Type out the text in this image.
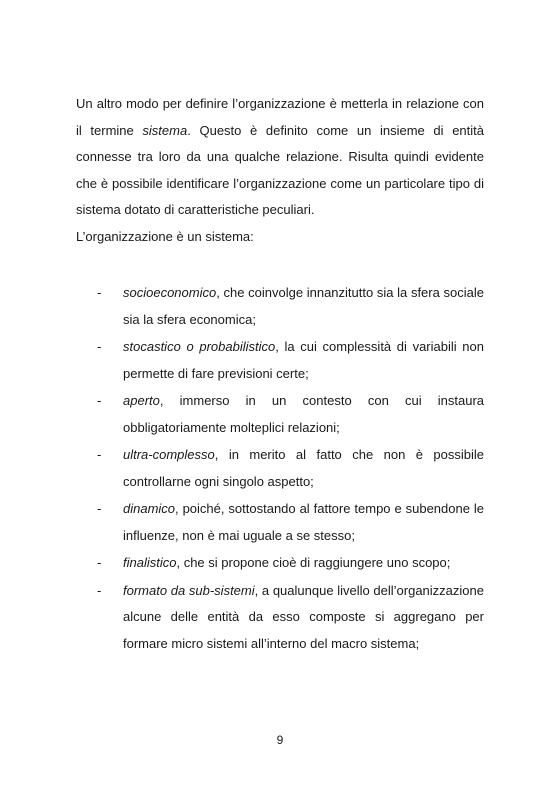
Un altro modo per definire l’organizzazione è metterla in relazione con il termine sistema. Questo è definito come un insieme di entità connesse tra loro da una qualche relazione. Risulta quindi evidente che è possibile identificare l’organizzazione come un particolare tipo di sistema dotato di caratteristiche peculiari.

L’organizzazione è un sistema:

- socioeconomico, che coinvolge innanzitutto sia la sfera sociale sia la sfera economica;
- stocastico o probabilistico, la cui complessità di variabili non permette di fare previsioni certe;
- aperto, immerso in un contesto con cui instaura obbligatoriamente molteplici relazioni;
- ultra-complesso, in merito al fatto che non è possibile controllarne ogni singolo aspetto;
- dinamico, poiché, sottostando al fattore tempo e subendone le influenze, non è mai uguale a se stesso;
- finalistico, che si propone cioè di raggiungere uno scopo;
- formato da sub-sistemi, a qualunque livello dell’organizzazione alcune delle entità da esso composte si aggregano per formare micro sistemi all’interno del macro sistema;
9
